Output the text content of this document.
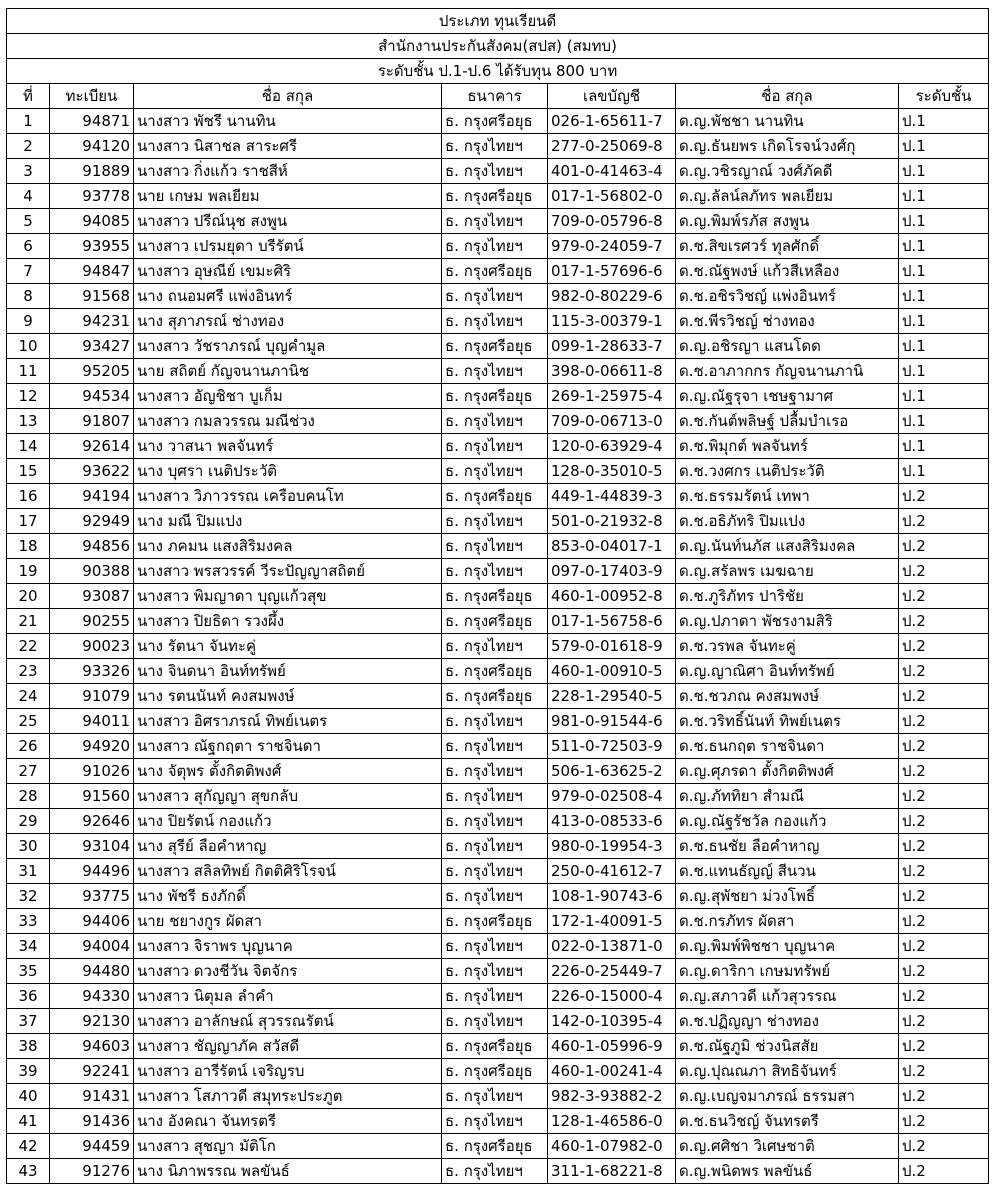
ประเภท ทุนเรียนดี						
สำนักงานประกันสังคม(สปส) (สมทบ)						
ระดับชั้น ป.1-ป.6 ได้รับทุน 800 บาท						
ที่	ทะเบียน	ชื่อ สกุล	ธนาคาร	เลขบัญชี	ชื่อ สกุล	ระดับชั้น
1	94871	นางสาว พัชรี นานทิน	ธ. กรุงศรีอยุธ	026-1-65611-7	ด.ญ.พัชชา นานทิน	ป.1
2	94120	นางสาว นิสาชล สาระศรี	ธ. กรุงไทยฯ	277-0-25069-8	ด.ญ.ธันยพร เกิดโรจน์วงศ์กุ	ป.1
3	91889	นางสาว กิ่งแก้ว ราชสีห์	ธ. กรุงไทยฯ	401-0-41463-4	ด.ญ.วชิรญาณ์ วงศ์ภัคดี	ป.1
4	93778	นาย เกษม พลเยียม	ธ. กรุงศรีอยุธ	017-1-56802-0	ด.ญ.ลัลน์ลภัทร พลเยียม	ป.1
5	94085	นางสาว ปรีณ์นุช สงพูน	ธ. กรุงไทยฯ	709-0-05796-8	ด.ญ.พิมพ์รภัส สงพูน	ป.1
6	93955	นางสาว เปรมยุดา บรีรัตน์	ธ. กรุงไทยฯ	979-0-24059-7	ด.ช.สิขเรศวร์ ทุลศักดิ์	ป.1
7	94847	นางสาว อุษณีย์ เขมะศิริ	ธ. กรุงศรีอยุธ	017-1-57696-6	ด.ช.ณัฐพงษ์ แก้วสีเหลือง	ป.1
8	91568	นาง ถนอมศรี แพ่งอินทร์	ธ. กรุงไทยฯ	982-0-80229-6	ด.ช.อชิรวิชญ์ แพ่งอินทร์	ป.1
9	94231	นาง สุภาภรณ์ ช่างทอง	ธ. กรุงไทยฯ	115-3-00379-1	ด.ช.พีรวิชญ์ ช่างทอง	ป.1
10	93427	นางสาว วัชราภรณ์ บุญคำมูล	ธ. กรุงศรีอยุธ	099-1-28633-7	ด.ญ.อชิรญา แสนโดด	ป.1
11	95205	นาย สถิตย์ กัญจนานภานิช	ธ. กรุงไทยฯ	398-0-06611-8	ด.ช.อาภากกร กัญจนานภานิ	ป.1
12	94534	นางสาว อัญชิชา บูเก็ม	ธ. กรุงศรีอยุธ	269-1-25975-4	ด.ญ.ณัฐรุจา เชษฐามาศ	ป.1
13	91807	นางสาว กมลวรรณ มณีช่วง	ธ. กรุงไทยฯ	709-0-06713-0	ด.ช.กันต์พลิษฐ์ ปลื้มบำเรอ	ป.1
14	92614	นาง วาสนา พลจันทร์	ธ. กรุงไทยฯ	120-0-63929-4	ด.ช.พิมุกต์ พลจันทร์	ป.1
15	93622	นาง บุศรา เนติประวัติ	ธ. กรุงไทยฯ	128-0-35010-5	ด.ช.วงศกร เนติประวัติ	ป.1
16	94194	นางสาว วิภาวรรณ เครือบคนโท	ธ. กรุงศรีอยุธ	449-1-44839-3	ด.ช.ธรรมรัตน์ เทพา	ป.2
17	92949	นาง มณี ปิมแปง	ธ. กรุงไทยฯ	501-0-21932-8	ด.ช.อธิภัทริ ปิมแปง	ป.2
18	94856	นาง ภคมน แสงสิริมงคล	ธ. กรุงไทยฯ	853-0-04017-1	ด.ญ.นันท์นภัส แสงสิริมงคล	ป.2
19	90388	นางสาว พรสวรรค์ วีระปัญญาสถิตย์	ธ. กรุงไทยฯ	097-0-17403-9	ด.ญ.สรัลพร เมฆฉาย	ป.2
20	93087	นางสาว พิมญาดา บุญแก้วสุข	ธ. กรุงศรีอยุธ	460-1-00952-8	ด.ช.ภูริภัทร ปาริชัย	ป.2
21	90255	นางสาว ปิยธิดา รวงผึ้ง	ธ. กรุงศรีอยุธ	017-1-56758-6	ด.ญ.ปภาดา พัชรงามสิริ	ป.2
22	90023	นาง รัตนา จันทะคู่	ธ. กรุงไทยฯ	579-0-01618-9	ด.ช.วรพล จันทะคู่	ป.2
23	93326	นาง จินดนา อินท์ทรัพย์	ธ. กรุงศรีอยุธ	460-1-00910-5	ด.ญ.ญาณิศา อินท์ทรัพย์	ป.2
24	91079	นาง รตนนันท์ คงสมพงษ์	ธ. กรุงศรีอยุธ	228-1-29540-5	ด.ช.ชวภณ คงสมพงษ์	ป.2
25	94011	นางสาว อิศราภรณ์ ทิพย์เนตร	ธ. กรุงไทยฯ	981-0-91544-6	ด.ช.วริทธิ์นันท์ ทิพย์เนตร	ป.2
26	94920	นางสาว ณัฐกฤตา ราชจินดา	ธ. กรุงไทยฯ	511-0-72503-9	ด.ช.ธนกฤต ราชจินดา	ป.2
27	91026	นาง จัตุพร ตั้งกิตติพงศ์	ธ. กรุงไทยฯ	506-1-63625-2	ด.ญ.ศุภรดา ตั้งกิตติพงศ์	ป.2
28	91560	นางสาว สุกัญญา สุขกลับ	ธ. กรุงไทยฯ	979-0-02508-4	ด.ญ.ภัททิยา สำมณี	ป.2
29	92646	นาง ปิยรัตน์ กองแก้ว	ธ. กรุงไทยฯ	413-0-08533-6	ด.ญ.ณัฐรัชวัล กองแก้ว	ป.2
30	93104	นาง สุรีย์ ลือคำหาญ	ธ. กรุงไทยฯ	980-0-19954-3	ด.ช.ธนชัย ลือคำหาญ	ป.2
31	94496	นางสาว สลิลทิพย์ กิตติศิริโรจน์	ธ. กรุงไทยฯ	250-0-41612-7	ด.ช.แทนธัญญ์ สีนวน	ป.2
32	93775	นาง พัชรี ธงภักดิ์	ธ. กรุงไทยฯ	108-1-90743-6	ด.ญ.สุพัชยา ม่วงโพธิ์	ป.2
33	94406	นาย ชยางกูร ผัดสา	ธ. กรุงศรีอยุธ	172-1-40091-5	ด.ช.กรภัทร ผัดสา	ป.2
34	94004	นางสาว จิราพร บุญนาค	ธ. กรุงไทยฯ	022-0-13871-0	ด.ญ.พิมพ์พิชชา บุญนาค	ป.2
35	94480	นางสาว ดวงชีวัน จิตจักร	ธ. กรุงไทยฯ	226-0-25449-7	ด.ญ.ดาริกา เกษมทรัพย์	ป.2
36	94330	นางสาว นิตุมล ลำคำ	ธ. กรุงไทยฯ	226-0-15000-4	ด.ญ.สภาวดี แก้วสุวรรณ	ป.2
37	92130	นางสาว อาลักษณ์ สุวรรณรัตน์	ธ. กรุงไทยฯ	142-0-10395-4	ด.ช.ปฏิญญา ช่างทอง	ป.2
38	94603	นางสาว ชัญญาภัค สวัสดี	ธ. กรุงศรีอยุธ	460-1-05996-9	ด.ช.ณัฐภูมิ ช่วงนิสสัย	ป.2
39	92241	นางสาว อารีรัตน์ เจริญรบ	ธ. กรุงศรีอยุธ	460-1-00241-4	ด.ญ.ปุณณภา สิทธิจันทร์	ป.2
40	91431	นางสาว โสภาวดี สมุทระประภูต	ธ. กรุงไทยฯ	982-3-93882-2	ด.ญ.เบญจมาภรณ์ ธรรมสา	ป.2
41	91436	นาง อังคณา จันทรตรี	ธ. กรุงไทยฯ	128-1-46586-0	ด.ช.ธนวิชญ์ จันทรตรี	ป.2
42	94459	นางสาว สุชญา มัติโก	ธ. กรุงศรีอยุธ	460-1-07982-0	ด.ญ.ศศิชา วิเศษชาติ	ป.2
43	91276	นาง นิภาพรรณ พลขันธ์	ธ. กรุงไทยฯ	311-1-68221-8	ด.ญ.พนิดพร พลขันธ์	ป.2
